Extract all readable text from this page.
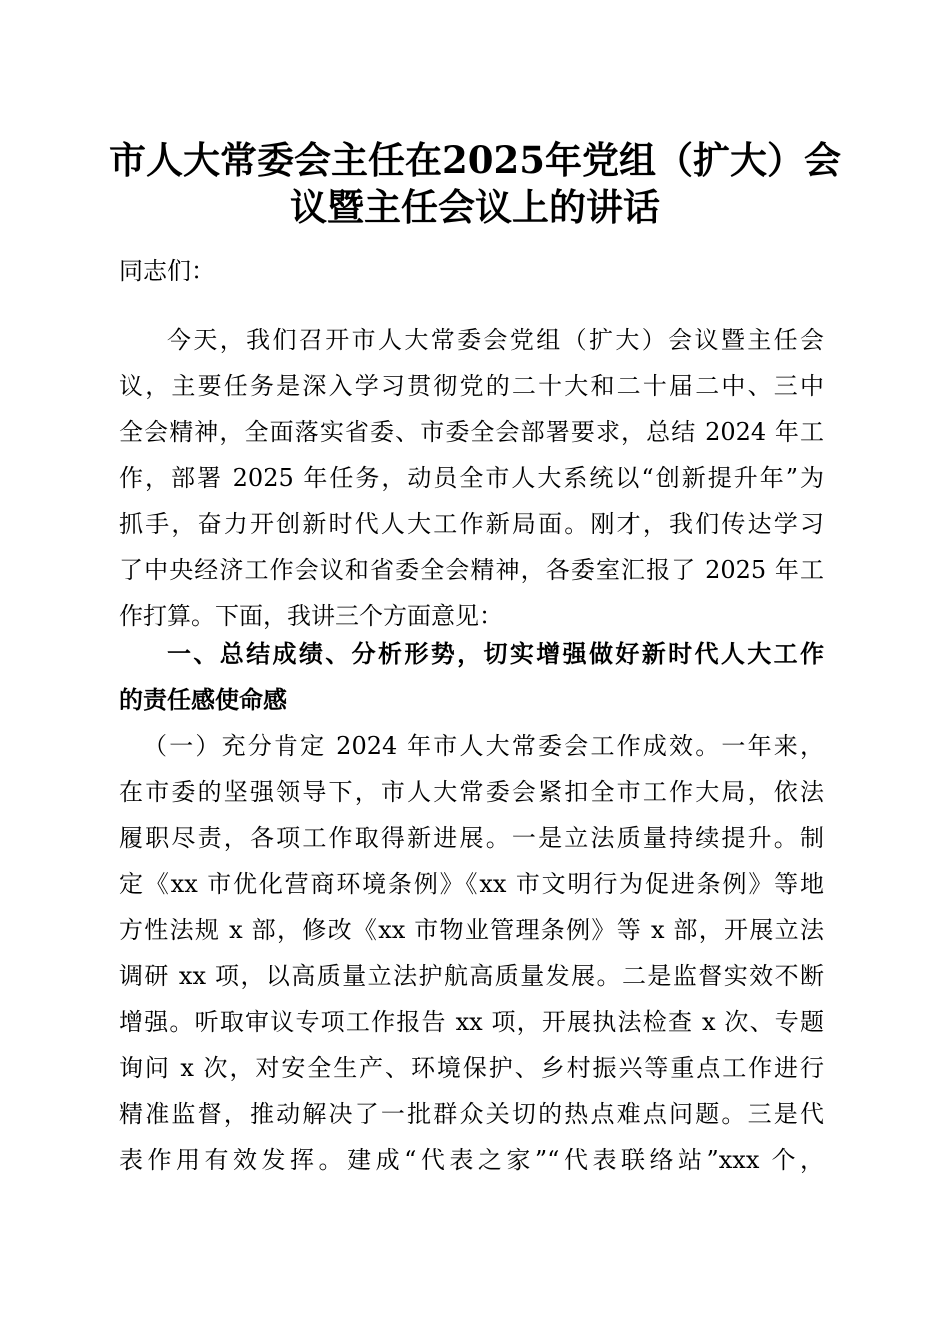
市人大常委会主任在2025年党组（扩大）会
议暨主任会议上的讲话

同志们：

今天，我们召开市人大常委会党组（扩大）会议暨主任会

议，主要任务是深入学习贯彻党的二十大和二十届二中、三中

全会精神，全面落实省委、市委全会部署要求，总结 2024 年工

作，部署 2025 年任务，动员全市人大系统以“创新提升年”为

抓手，奋力开创新时代人大工作新局面。刚才，我们传达学习

了中央经济工作会议和省委全会精神，各委室汇报了 2025 年工

作打算。下面，我讲三个方面意见：

一、总结成绩、分析形势，切实增强做好新时代人大工作

的责任感使命感

（一）充分肯定 2024 年市人大常委会工作成效。一年来，

在市委的坚强领导下，市人大常委会紧扣全市工作大局，依法

履职尽责，各项工作取得新进展。一是立法质量持续提升。制

定《xx 市优化营商环境条例》《xx 市文明行为促进条例》等地

方性法规 x 部，修改《xx 市物业管理条例》等 x 部，开展立法

调研 xx 项，以高质量立法护航高质量发展。二是监督实效不断

增强。听取审议专项工作报告 xx 项，开展执法检查 x 次、专题

询问 x 次，对安全生产、环境保护、乡村振兴等重点工作进行

精准监督，推动解决了一批群众关切的热点难点问题。三是代

表作用有效发挥。建成“代表之家”“代表联络站”xxx 个，
